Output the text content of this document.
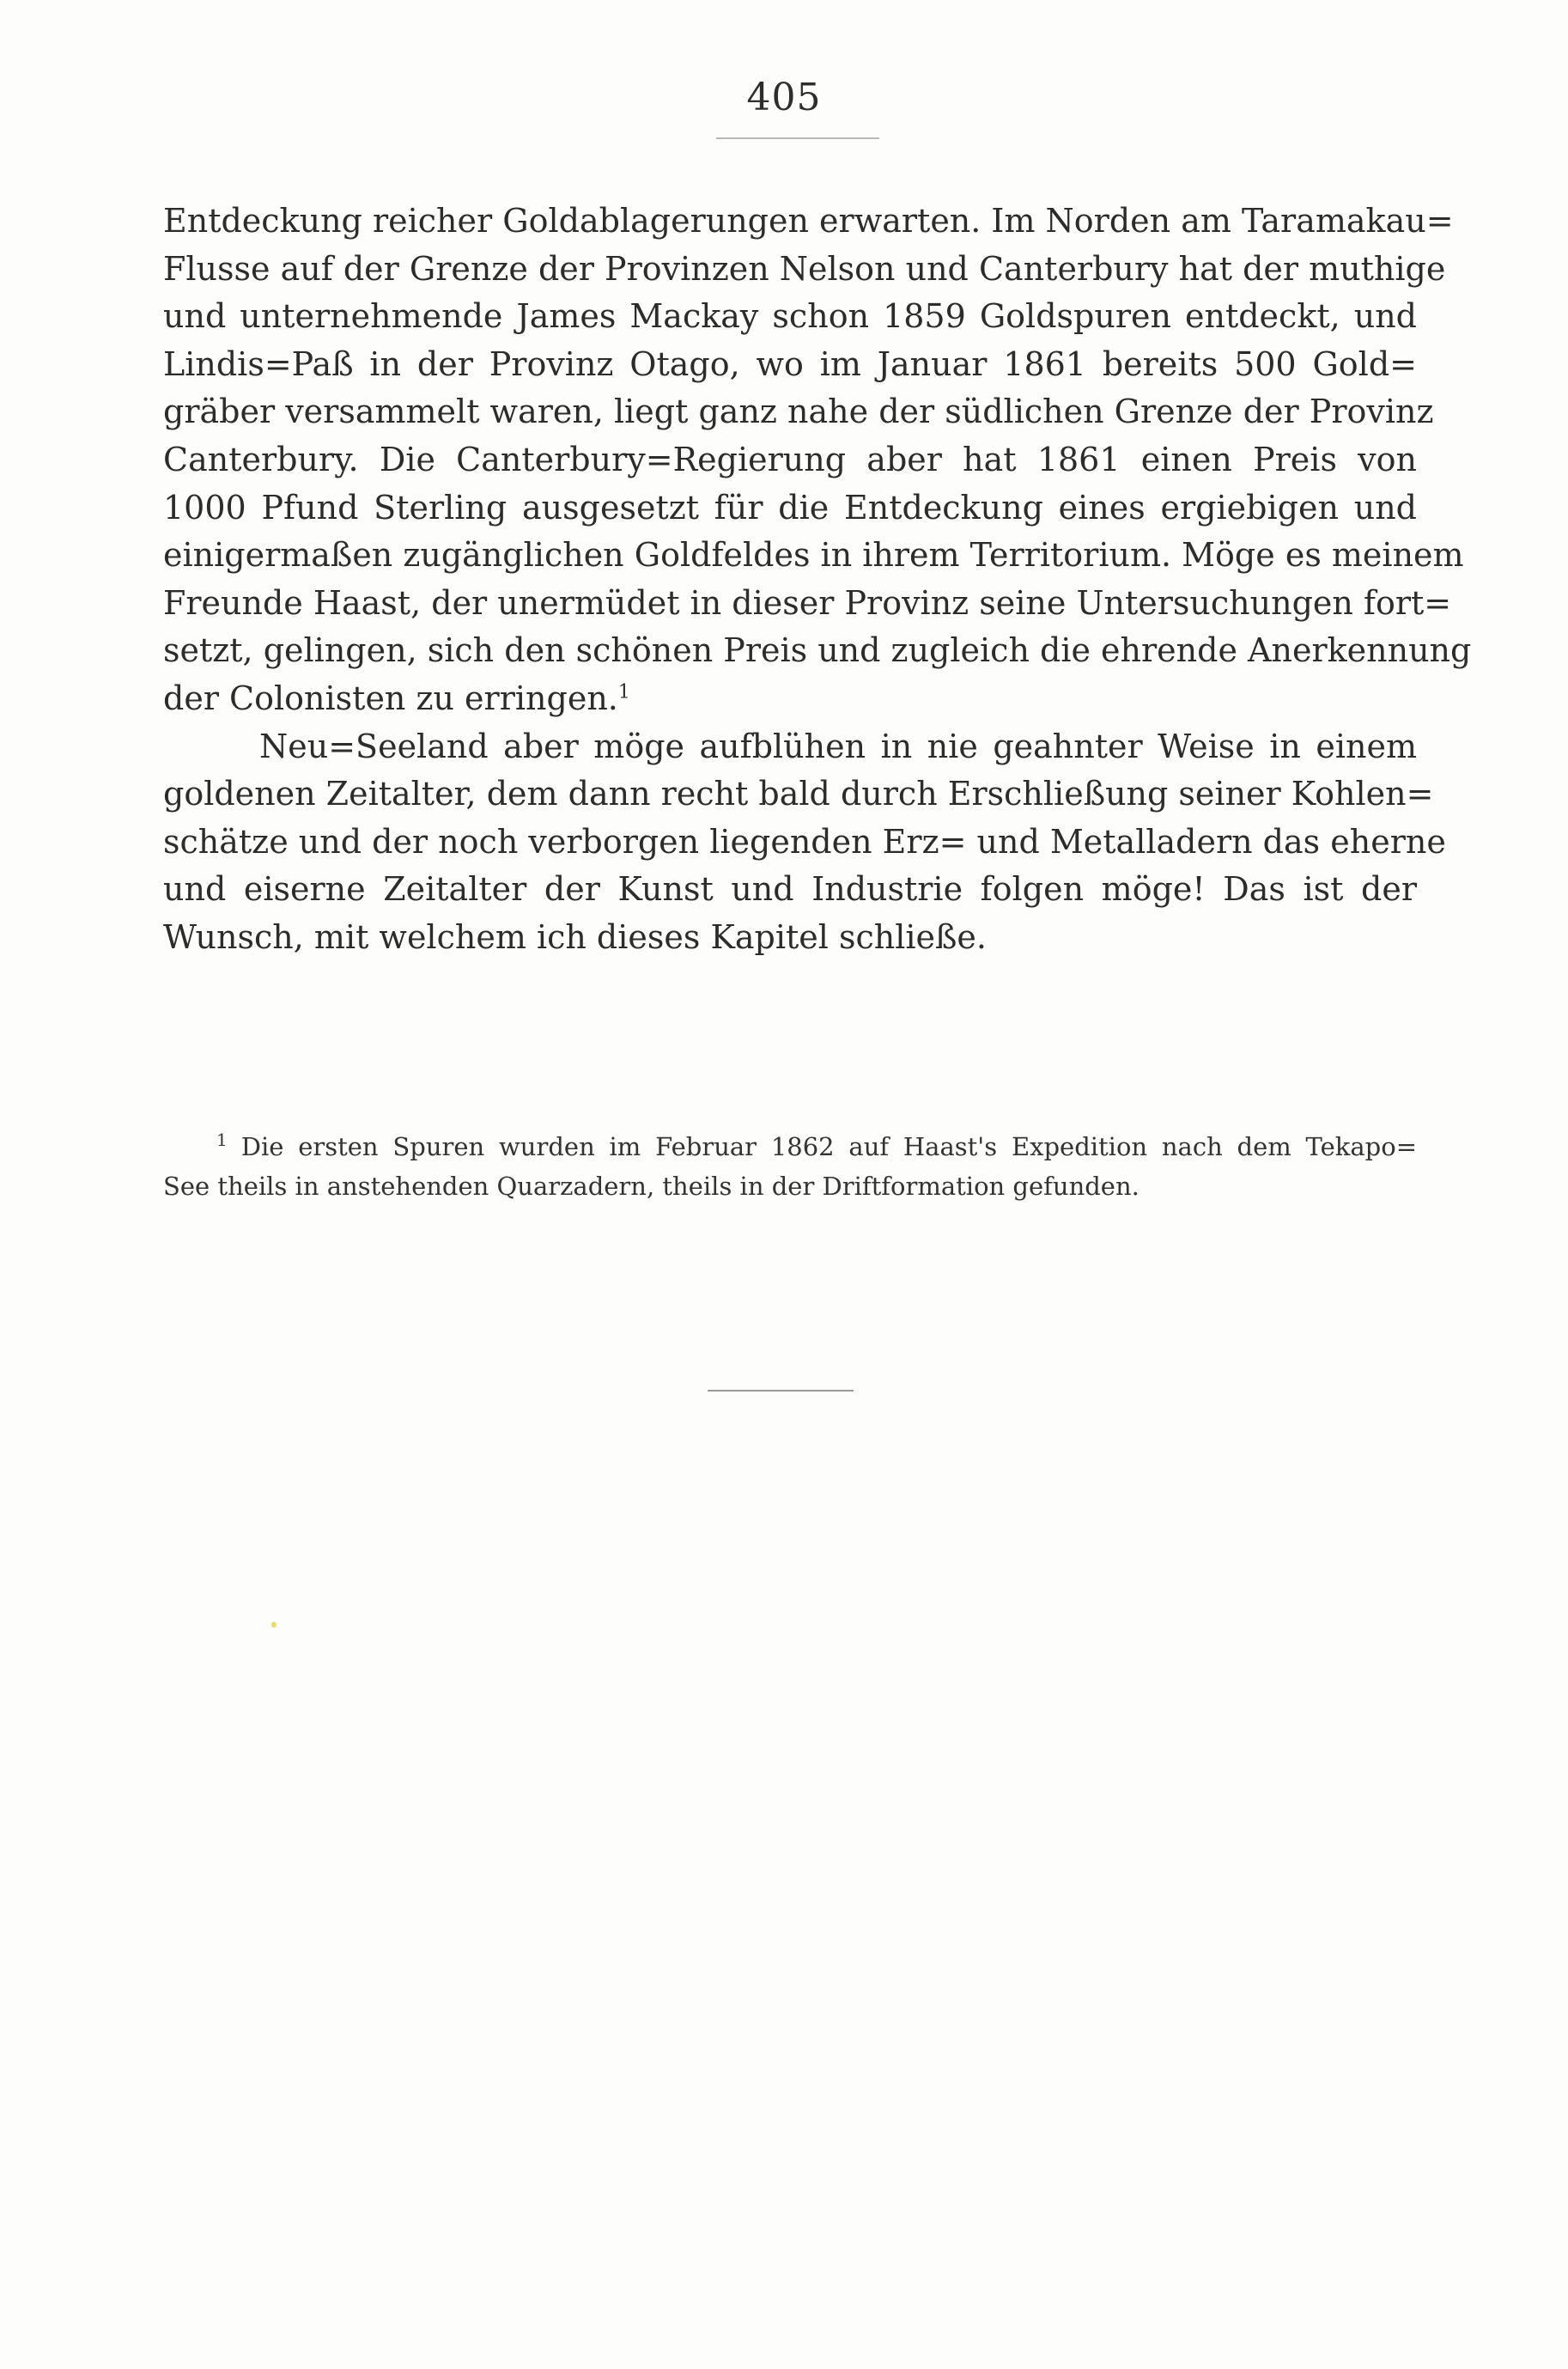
405
Entdeckung reicher Goldablagerungen erwarten. Im Norden am Taramakau=
Flusse auf der Grenze der Provinzen Nelson und Canterbury hat der muthige
und unternehmende James Mackay schon 1859 Goldspuren entdeckt, und
Lindis=Paß in der Provinz Otago, wo im Januar 1861 bereits 500 Gold=
gräber versammelt waren, liegt ganz nahe der südlichen Grenze der Provinz
Canterbury. Die Canterbury=Regierung aber hat 1861 einen Preis von
1000 Pfund Sterling ausgesetzt für die Entdeckung eines ergiebigen und
einigermaßen zugänglichen Goldfeldes in ihrem Territorium. Möge es meinem
Freunde Haast, der unermüdet in dieser Provinz seine Untersuchungen fort=
setzt, gelingen, sich den schönen Preis und zugleich die ehrende Anerkennung
der Colonisten zu erringen.$^1$
Neu=Seeland aber möge aufblühen in nie geahnter Weise in einem
goldenen Zeitalter, dem dann recht bald durch Erschließung seiner Kohlen=
schätze und der noch verborgen liegenden Erz= und Metalladern das eherne
und eiserne Zeitalter der Kunst und Industrie folgen möge! Das ist der
Wunsch, mit welchem ich dieses Kapitel schließe.
$^1$ Die ersten Spuren wurden im Februar 1862 auf Haast's Expedition nach dem Tekapo=
See theils in anstehenden Quarzadern, theils in der Driftformation gefunden.
